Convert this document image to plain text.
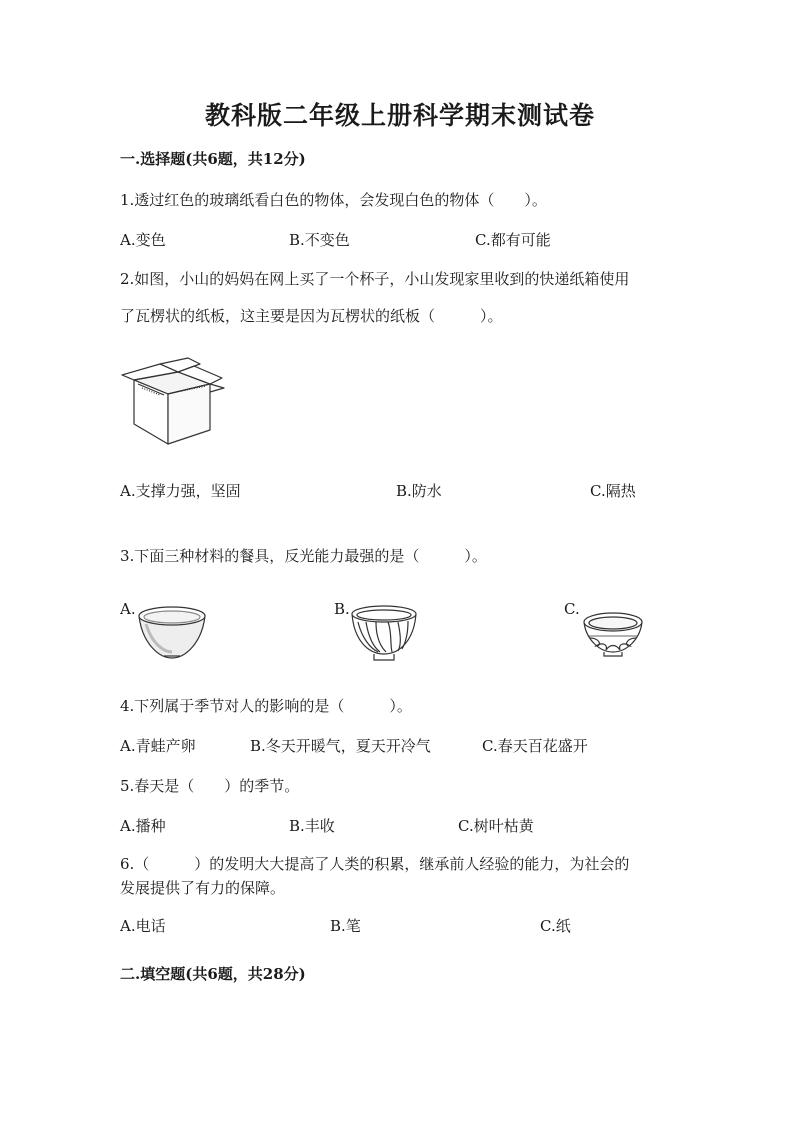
教科版二年级上册科学期末测试卷
一.选择题(共6题，共12分)
1.透过红色的玻璃纸看白色的物体，会发现白色的物体（　　）。
A.变色	B.不变色	C.都有可能
2.如图，小山的妈妈在网上买了一个杯子，小山发现家里收到的快递纸箱使用
了瓦楞状的纸板，这主要是因为瓦楞状的纸板（　　　）。
A.支撑力强，坚固	B.防水	C.隔热
3.下面三种材料的餐具，反光能力最强的是（　　　）。
A.	B.	C.
4.下列属于季节对人的影响的是（　　　）。
A.青蛙产卵	B.冬天开暖气，夏天开冷气	C.春天百花盛开
5.春天是（　　）的季节。
A.播种	B.丰收	C.树叶枯黄
6.（　　　）的发明大大提高了人类的积累，继承前人经验的能力，为社会的
发展提供了有力的保障。
A.电话	B.笔	C.纸
二.填空题(共6题，共28分)
